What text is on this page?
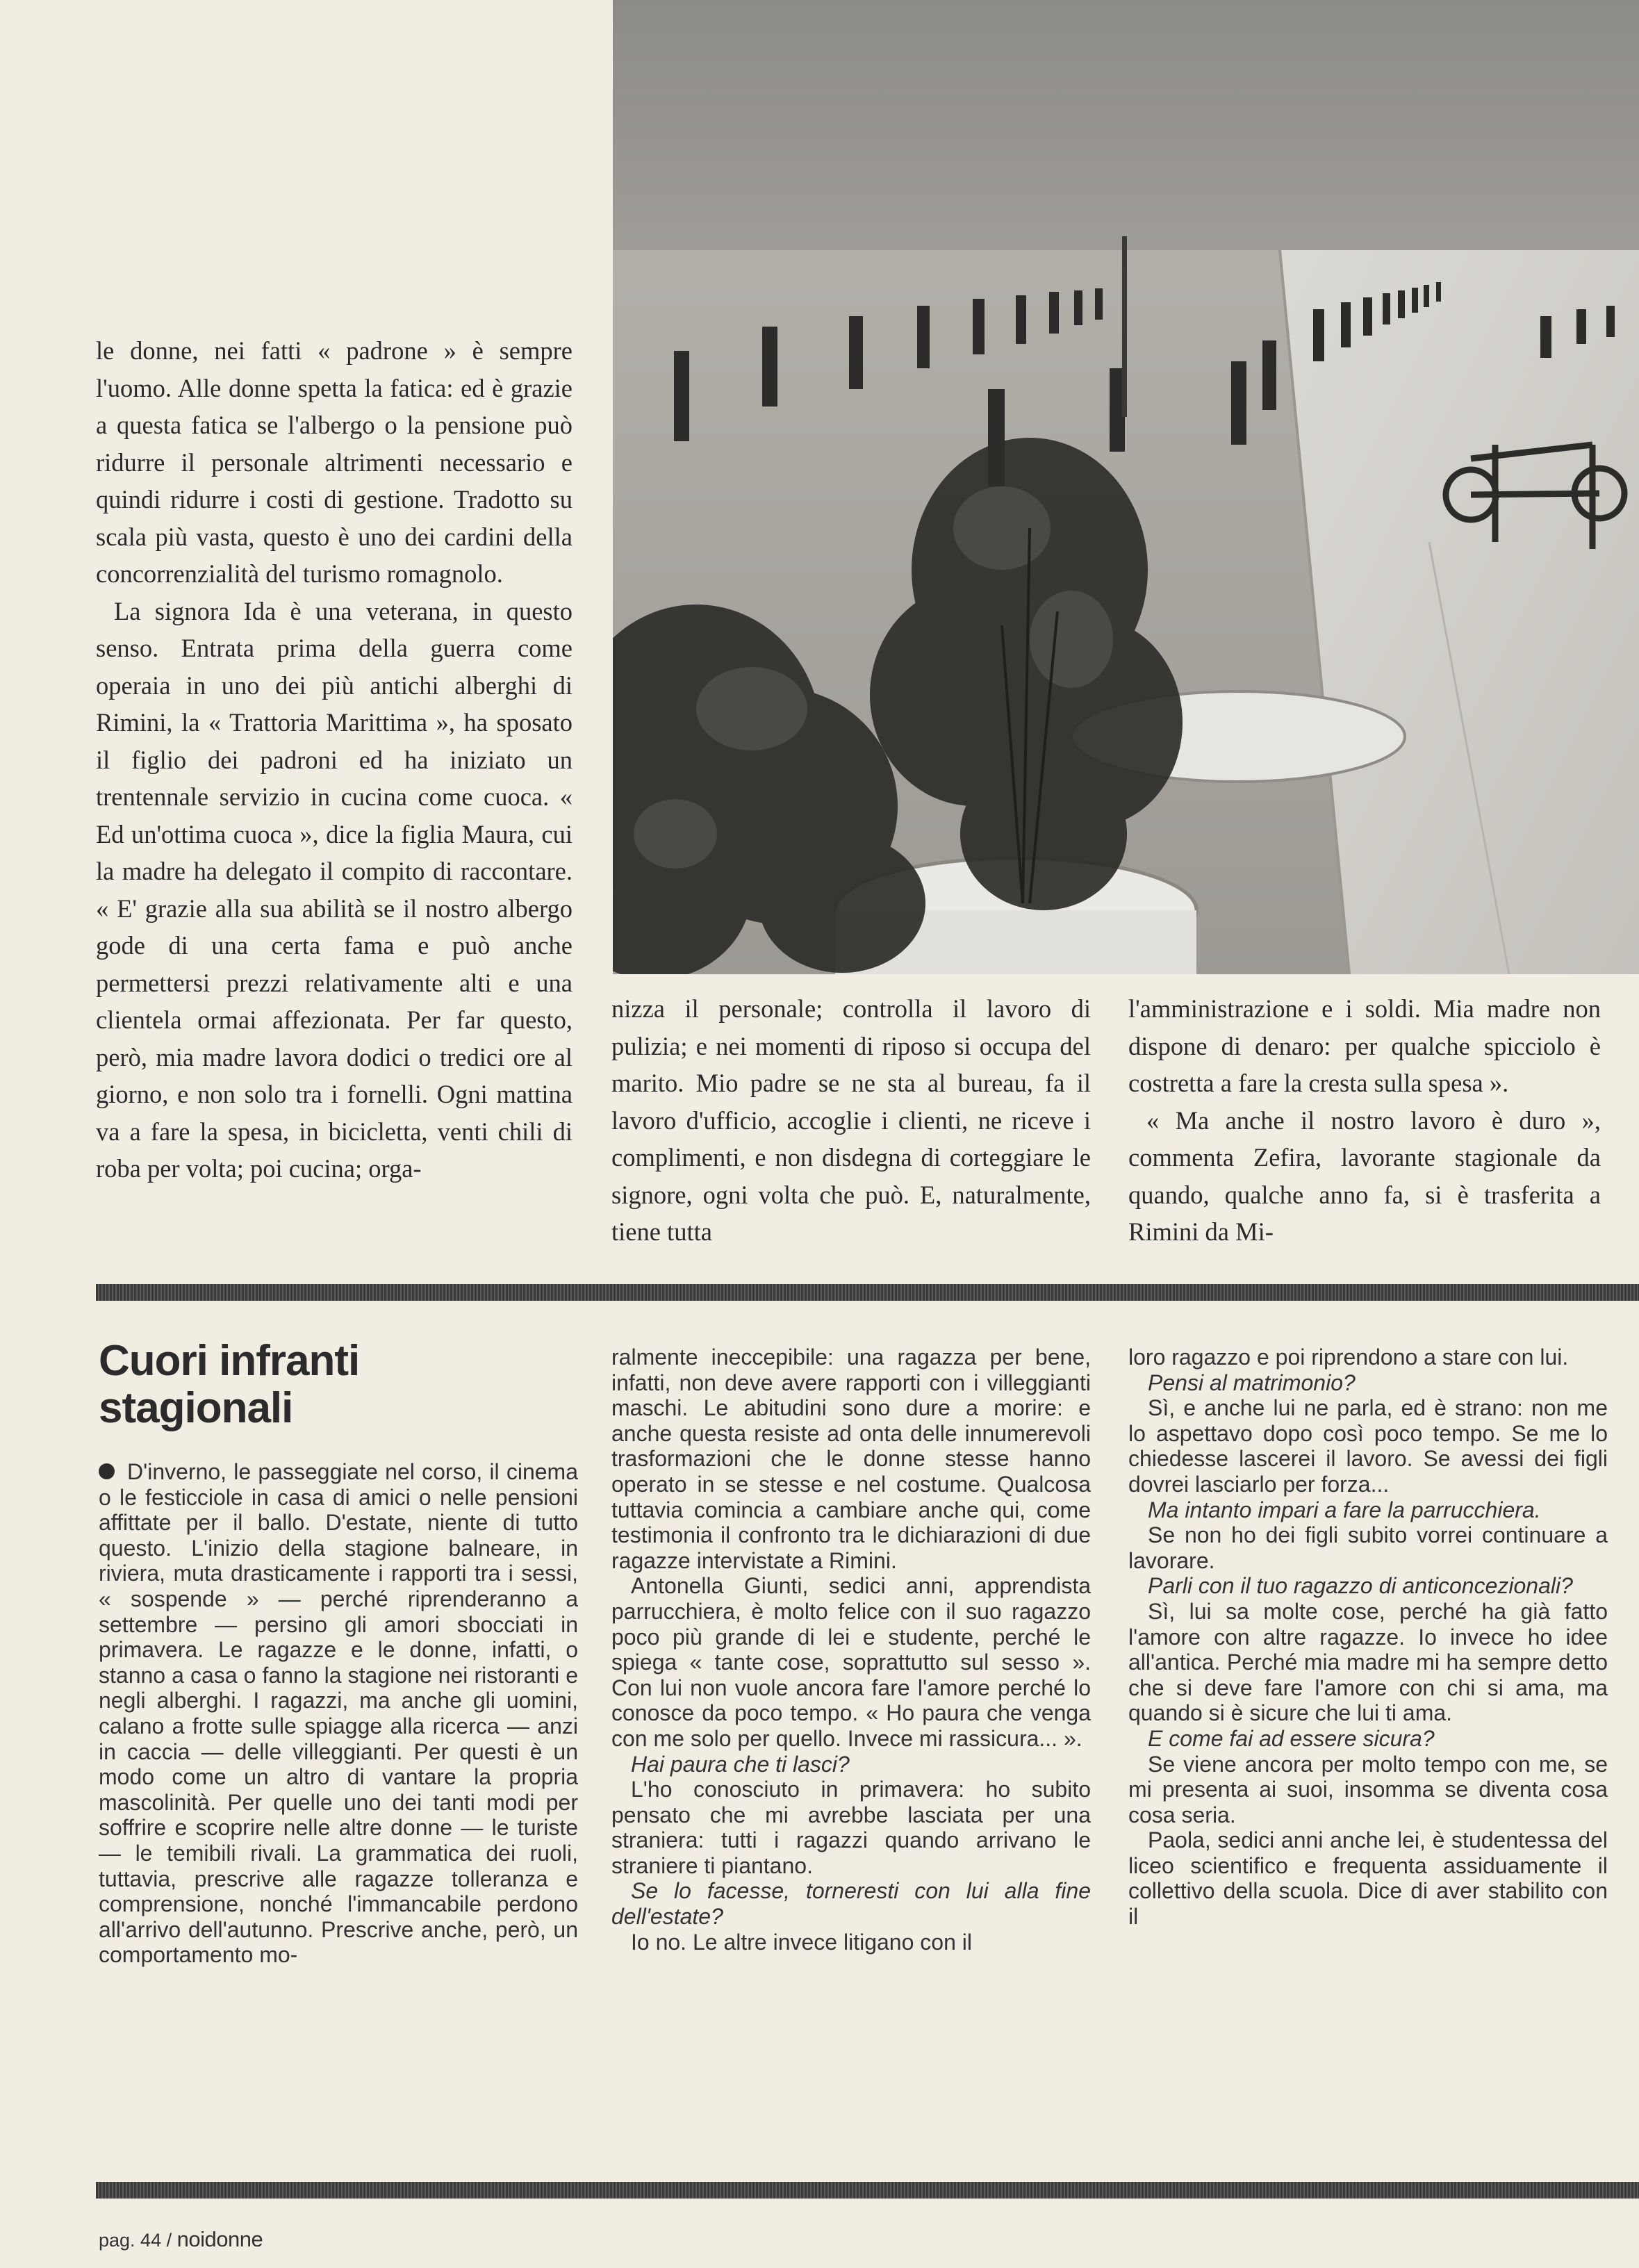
le donne, nei fatti « padrone » è sempre l'uomo. Alle donne spetta la fatica: ed è grazie a questa fatica se l'albergo o la pensione può ridurre il personale altrimenti necessario e quindi ridurre i costi di gestione. Tradotto su scala più vasta, questo è uno dei cardini della concorrenzialità del turismo romagnolo.

La signora Ida è una veterana, in questo senso. Entrata prima della guerra come operaia in uno dei più antichi alberghi di Rimini, la « Trattoria Marittima », ha sposato il figlio dei padroni ed ha iniziato un trentennale servizio in cucina come cuoca. « Ed un'ottima cuoca », dice la figlia Maura, cui la madre ha delegato il compito di raccontare. « E' grazie alla sua abilità se il nostro albergo gode di una certa fama e può anche permettersi prezzi relativamente alti e una clientela ormai affezionata. Per far questo, però, mia madre lavora dodici o tredici ore al giorno, e non solo tra i fornelli. Ogni mattina va a fare la spesa, in bicicletta, venti chili di roba per volta; poi cucina; orga-

nizza il personale; controlla il lavoro di pulizia; e nei momenti di riposo si occupa del marito. Mio padre se ne sta al bureau, fa il lavoro d'ufficio, accoglie i clienti, ne riceve i complimenti, e non disdegna di corteggiare le signore, ogni volta che può. E, naturalmente, tiene tutta

l'amministrazione e i soldi. Mia madre non dispone di denaro: per qualche spicciolo è costretta a fare la cresta sulla spesa ».

« Ma anche il nostro lavoro è duro », commenta Zefira, lavorante stagionale da quando, qualche anno fa, si è trasferita a Rimini da Mi-

Cuori infranti
stagionali

D'inverno, le passeggiate nel corso, il cinema o le festicciole in casa di amici o nelle pensioni affittate per il ballo. D'estate, niente di tutto questo. L'inizio della stagione balneare, in riviera, muta drasticamente i rapporti tra i sessi, « sospende » — perché riprenderanno a settembre — persino gli amori sbocciati in primavera. Le ragazze e le donne, infatti, o stanno a casa o fanno la stagione nei ristoranti e negli alberghi. I ragazzi, ma anche gli uomini, calano a frotte sulle spiagge alla ricerca — anzi in caccia — delle villeggianti. Per questi è un modo come un altro di vantare la propria mascolinità. Per quelle uno dei tanti modi per soffrire e scoprire nelle altre donne — le turiste — le temibili rivali. La grammatica dei ruoli, tuttavia, prescrive alle ragazze tolleranza e comprensione, nonché l'immancabile perdono all'arrivo dell'autunno. Prescrive anche, però, un comportamento mo-

ralmente ineccepibile: una ragazza per bene, infatti, non deve avere rapporti con i villeggianti maschi. Le abitudini sono dure a morire: e anche questa resiste ad onta delle innumerevoli trasformazioni che le donne stesse hanno operato in se stesse e nel costume. Qualcosa tuttavia comincia a cambiare anche qui, come testimonia il confronto tra le dichiarazioni di due ragazze intervistate a Rimini.

Antonella Giunti, sedici anni, apprendista parrucchiera, è molto felice con il suo ragazzo poco più grande di lei e studente, perché le spiega « tante cose, soprattutto sul sesso ». Con lui non vuole ancora fare l'amore perché lo conosce da poco tempo. « Ho paura che venga con me solo per quello. Invece mi rassicura... ».

Hai paura che ti lasci?

L'ho conosciuto in primavera: ho subito pensato che mi avrebbe lasciata per una straniera: tutti i ragazzi quando arrivano le straniere ti piantano.

Se lo facesse, torneresti con lui alla fine dell'estate?

Io no. Le altre invece litigano con il

loro ragazzo e poi riprendono a stare con lui.

Pensi al matrimonio?

Sì, e anche lui ne parla, ed è strano: non me lo aspettavo dopo così poco tempo. Se me lo chiedesse lascerei il lavoro. Se avessi dei figli dovrei lasciarlo per forza...

Ma intanto impari a fare la parrucchiera.

Se non ho dei figli subito vorrei continuare a lavorare.

Parli con il tuo ragazzo di anticoncezionali?

Sì, lui sa molte cose, perché ha già fatto l'amore con altre ragazze. Io invece ho idee all'antica. Perché mia madre mi ha sempre detto che si deve fare l'amore con chi si ama, ma quando si è sicure che lui ti ama.

E come fai ad essere sicura?

Se viene ancora per molto tempo con me, se mi presenta ai suoi, insomma se diventa cosa cosa seria.

Paola, sedici anni anche lei, è studentessa del liceo scientifico e frequenta assiduamente il collettivo della scuola. Dice di aver stabilito con il

pag. 44 / noidonne
